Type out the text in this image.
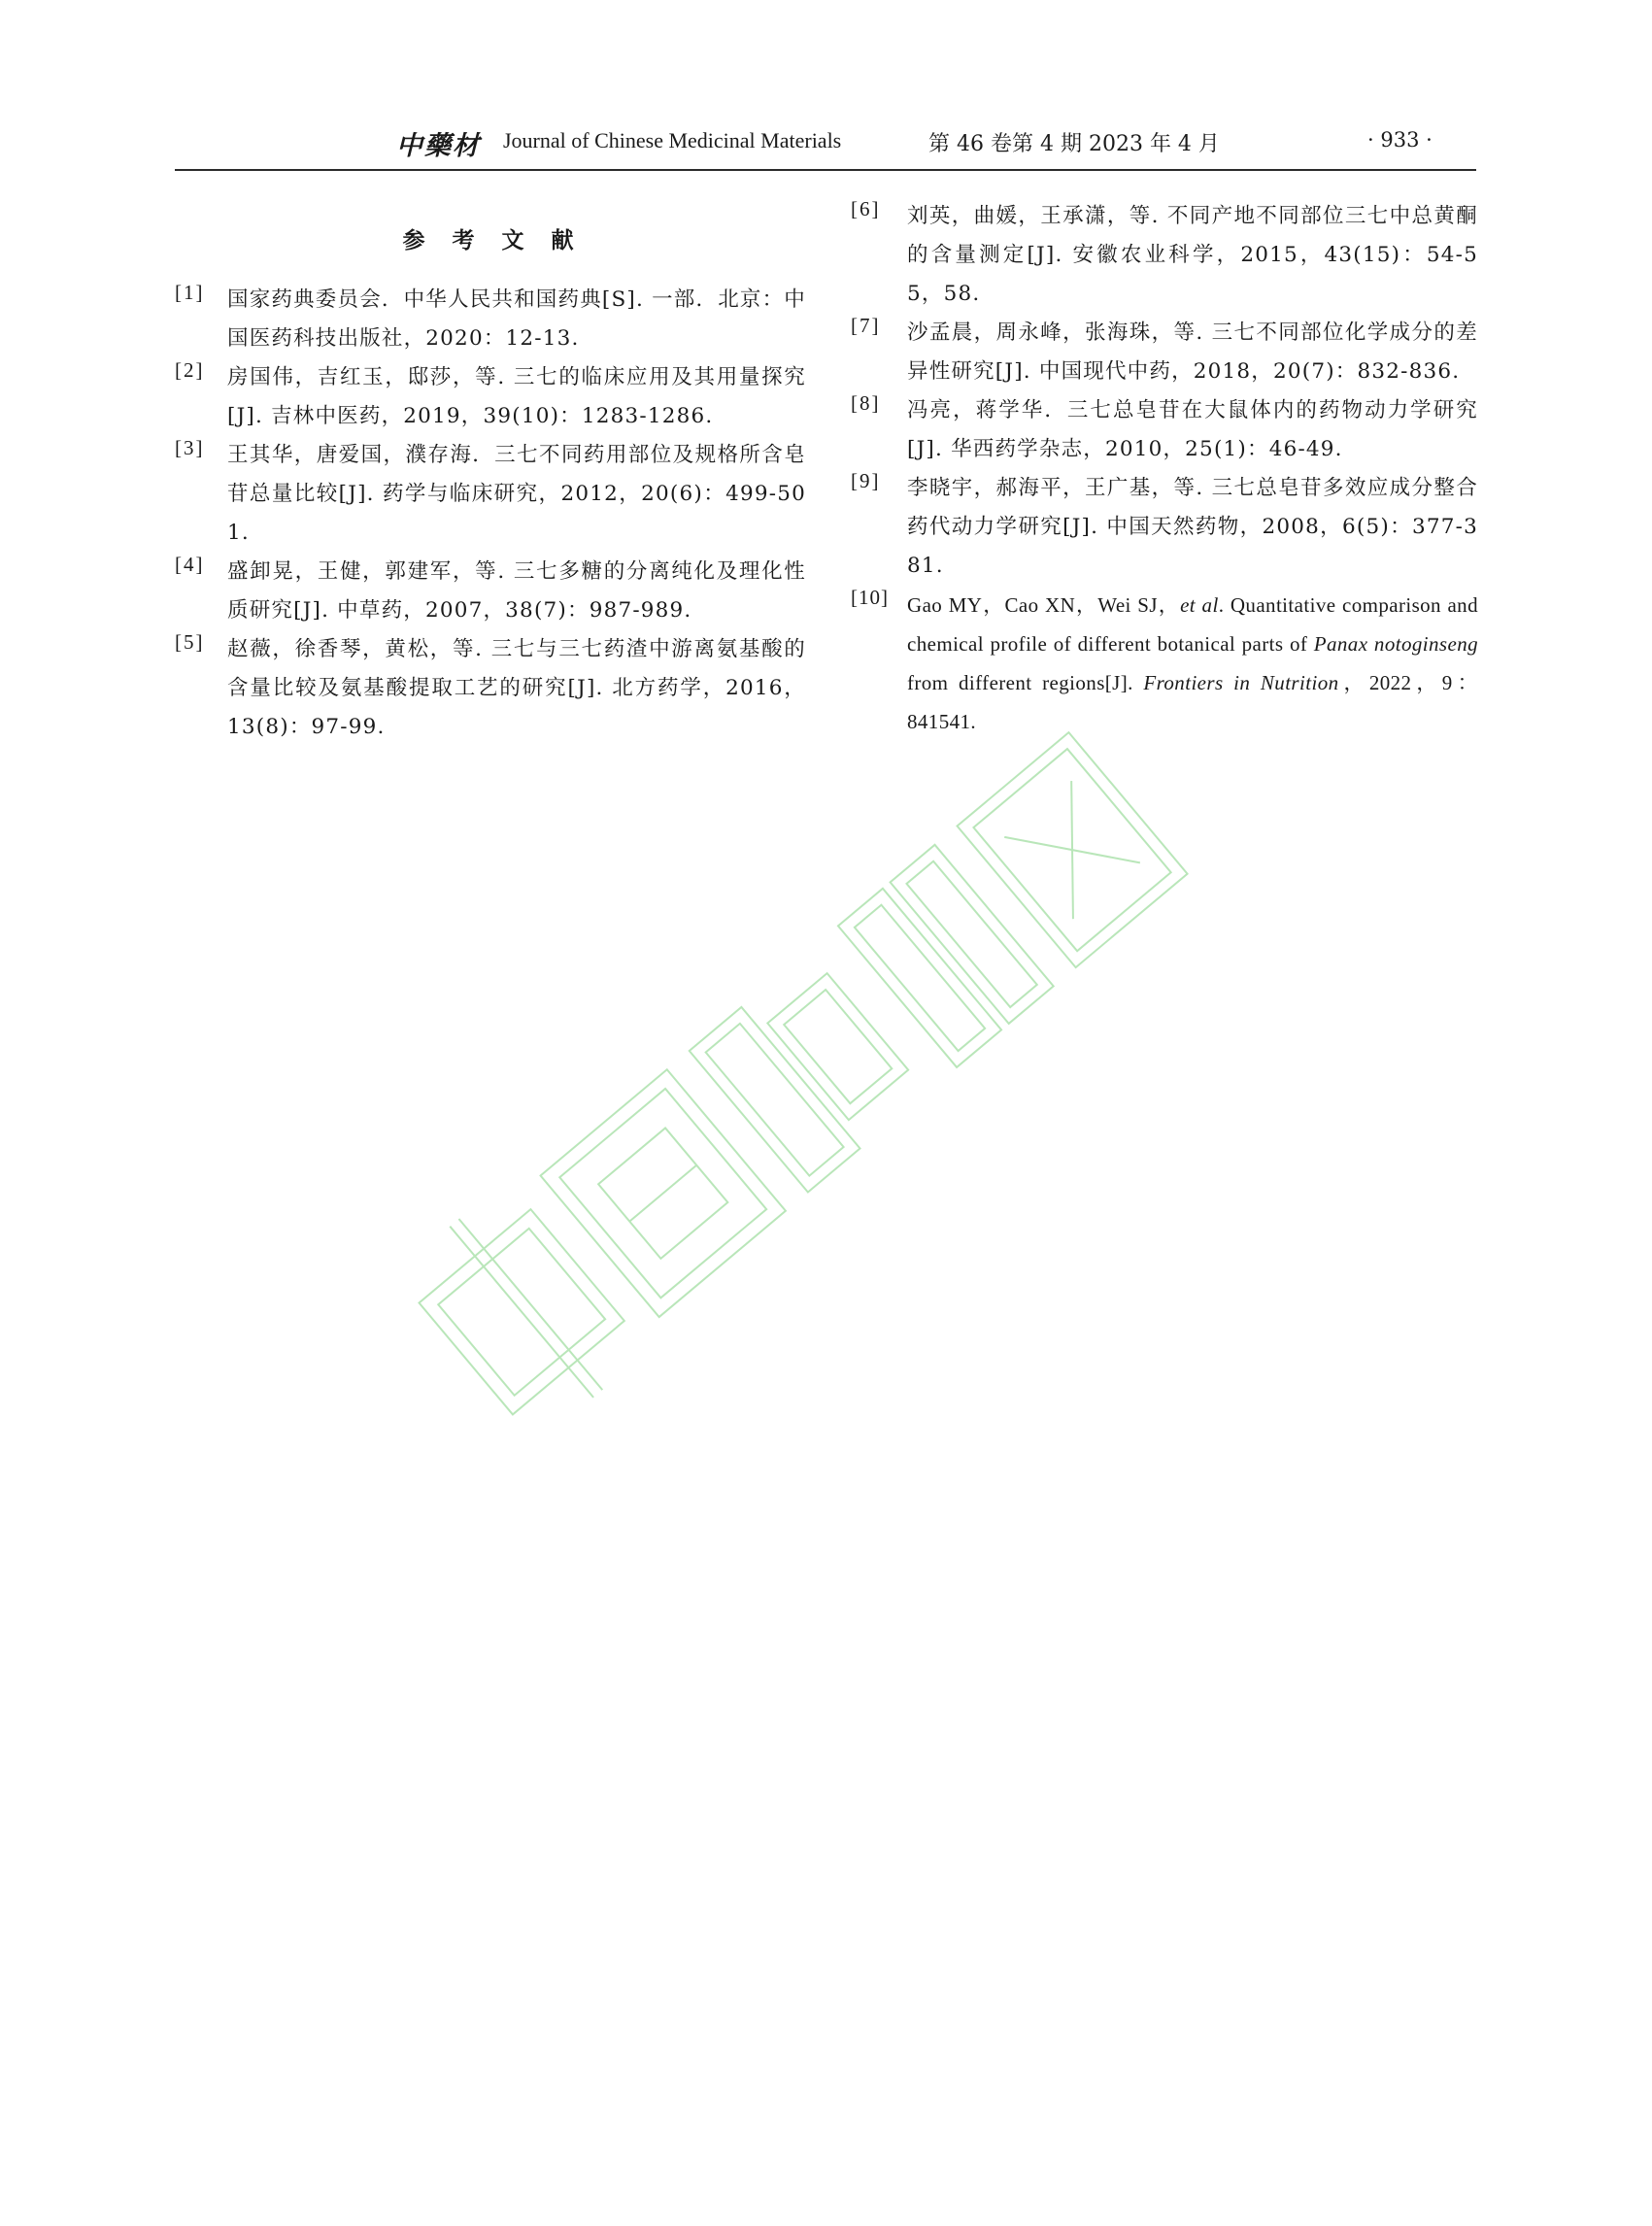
中藥材 Journal of Chinese Medicinal Materials	第 46 卷第 4 期 2023 年 4 月	· 933 ·
参考文献
[1] 国家药典委员会．中华人民共和国药典[S]. 一部．北京：中国医药科技出版社，2020：12-13.
[2] 房国伟，吉红玉，邸莎，等. 三七的临床应用及其用量探究[J]. 吉林中医药，2019，39(10)：1283-1286.
[3] 王其华，唐爱国，濮存海．三七不同药用部位及规格所含皂苷总量比较[J]. 药学与临床研究，2012，20(6)：499-501.
[4] 盛卸晃，王健，郭建军，等. 三七多糖的分离纯化及理化性质研究[J]. 中草药，2007，38(7)：987-989.
[5] 赵薇，徐香琴，黄松，等. 三七与三七药渣中游离氨基酸的含量比较及氨基酸提取工艺的研究[J]. 北方药学，2016，13(8)：97-99.
[6] 刘英，曲媛，王承潇，等. 不同产地不同部位三七中总黄酮的含量测定[J]. 安徽农业科学，2015，43(15)：54-55，58.
[7] 沙孟晨，周永峰，张海珠，等. 三七不同部位化学成分的差异性研究[J]. 中国现代中药，2018，20(7)：832-836.
[8] 冯亮，蒋学华．三七总皂苷在大鼠体内的药物动力学研究[J]. 华西药学杂志，2010，25(1)：46-49.
[9] 李晓宇，郝海平，王广基，等. 三七总皂苷多效应成分整合药代动力学研究[J]. 中国天然药物，2008，6(5)：377-381.
[10] Gao MY，Cao XN，Wei SJ，et al. Quantitative comparison and chemical profile of different botanical parts of Panax notoginseng from different regions[J]. Frontiers in Nutrition，2022，9：841541.
